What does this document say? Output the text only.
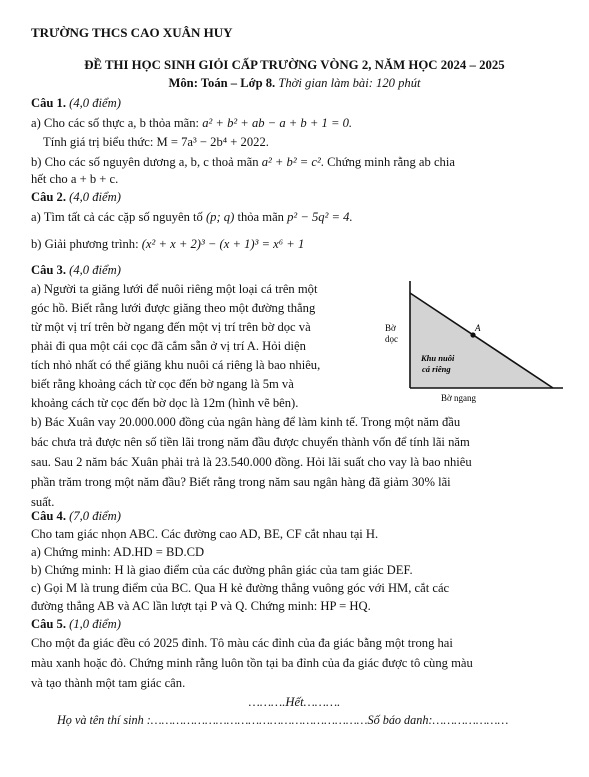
TRƯỜNG THCS CAO XUÂN HUY
ĐỀ THI HỌC SINH GIỎI CẤP TRƯỜNG VÒNG 2, NĂM HỌC 2024 – 2025
Môn: Toán – Lớp 8. Thời gian làm bài: 120 phút
Câu 1. (4,0 điểm)
a) Cho các số thực a, b thỏa mãn: a² + b² + ab − a + b + 1 = 0.
Tính giá trị biểu thức: M = 7a³ − 2b⁴ + 2022.
b) Cho các số nguyên dương a, b, c thoả mãn a² + b² = c². Chứng minh rằng ab chia
hết cho a + b + c.
Câu 2. (4,0 điểm)
a) Tìm tất cả các cặp số nguyên tố (p; q) thỏa mãn p² − 5q² = 4.
b) Giải phương trình: (x² + x + 2)³ − (x + 1)³ = x⁶ + 1
Câu 3. (4,0 điểm)
a) Người ta giăng lưới để nuôi riêng một loại cá trên một
góc hồ. Biết rằng lưới được giăng theo một đường thẳng
từ một vị trí trên bờ ngang đến một vị trí trên bờ dọc và
phải đi qua một cái cọc đã cắm sẵn ở vị trí A. Hỏi diện
tích nhỏ nhất có thể giăng khu nuôi cá riêng là bao nhiêu,
biết rằng khoảng cách từ cọc đến bờ ngang là 5m và
khoảng cách từ cọc đến bờ dọc là 12m (hình vẽ bên).
Bờ
dọc
Khu nuôi
cá riêng
A
Bờ ngang
b) Bác Xuân vay 20.000.000 đồng của ngân hàng để làm kinh tế. Trong một năm đầu
bác chưa trả được nên số tiền lãi trong năm đầu được chuyển thành vốn để tính lãi năm
sau. Sau 2 năm bác Xuân phải trả là 23.540.000 đồng. Hỏi lãi suất cho vay là bao nhiêu
phần trăm trong một năm đầu? Biết rằng trong năm sau ngân hàng đã giảm 30% lãi
suất.
Câu 4. (7,0 điểm)
Cho tam giác nhọn ABC. Các đường cao AD, BE, CF cắt nhau tại H.
a) Chứng minh: AD.HD = BD.CD
b) Chứng minh: H là giao điểm của các đường phân giác của tam giác DEF.
c) Gọi M là trung điểm của BC. Qua H kẻ đường thẳng vuông góc với HM, cắt các
đường thẳng AB và AC lần lượt tại P và Q. Chứng minh: HP = HQ.
Câu 5. (1,0 điểm)
Cho một đa giác đều có 2025 đỉnh. Tô màu các đỉnh của đa giác bằng một trong hai
màu xanh hoặc đỏ. Chứng minh rằng luôn tồn tại ba đỉnh của đa giác được tô cùng màu
và tạo thành một tam giác cân.
……….Hết……….
Họ và tên thí sinh :……………………………………………………Số báo danh:…………………
